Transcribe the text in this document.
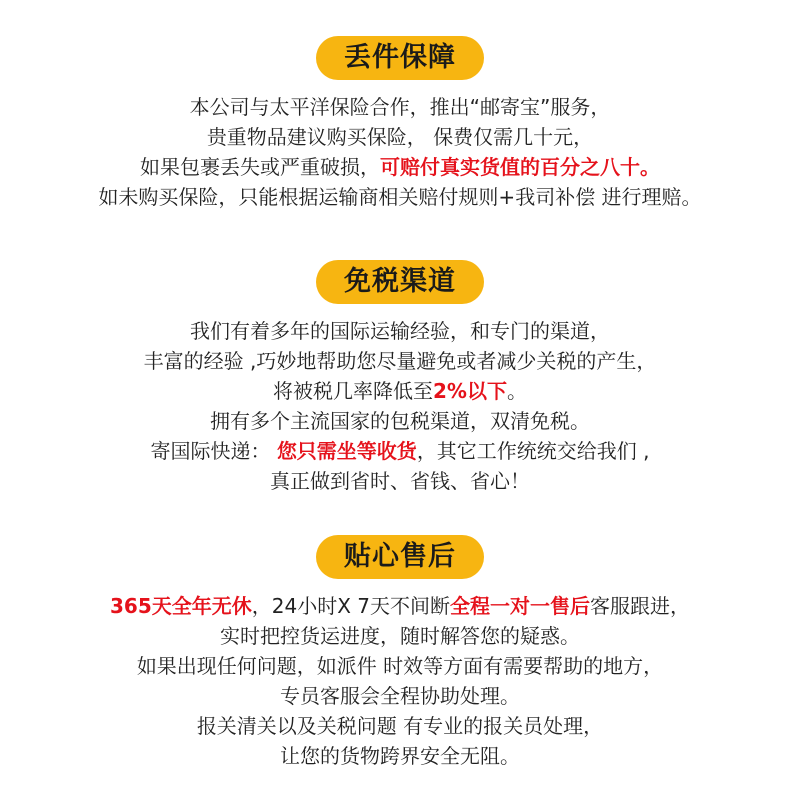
丢件保障
本公司与太平洋保险合作，推出“邮寄宝”服务，
贵重物品建议购买保险， 保费仅需几十元，
如果包裹丢失或严重破损，可赔付真实货值的百分之八十。
如未购买保险，只能根据运输商相关赔付规则+我司补偿 进行理赔。
免税渠道
我们有着多年的国际运输经验，和专门的渠道，
丰富的经验 ,巧妙地帮助您尽量避免或者减少关税的产生，
将被税几率降低至2%以下。
拥有多个主流国家的包税渠道，双清免税。
寄国际快递： 您只需坐等收货，其它工作统统交给我们 ,
真正做到省时、省钱、省心！
贴心售后
365天全年无休，24小时X 7天不间断全程一对一售后客服跟进，
实时把控货运进度，随时解答您的疑惑。
如果出现任何问题，如派件 时效等方面有需要帮助的地方，
专员客服会全程协助处理。
报关清关以及关税问题 有专业的报关员处理，
让您的货物跨界安全无阻。
